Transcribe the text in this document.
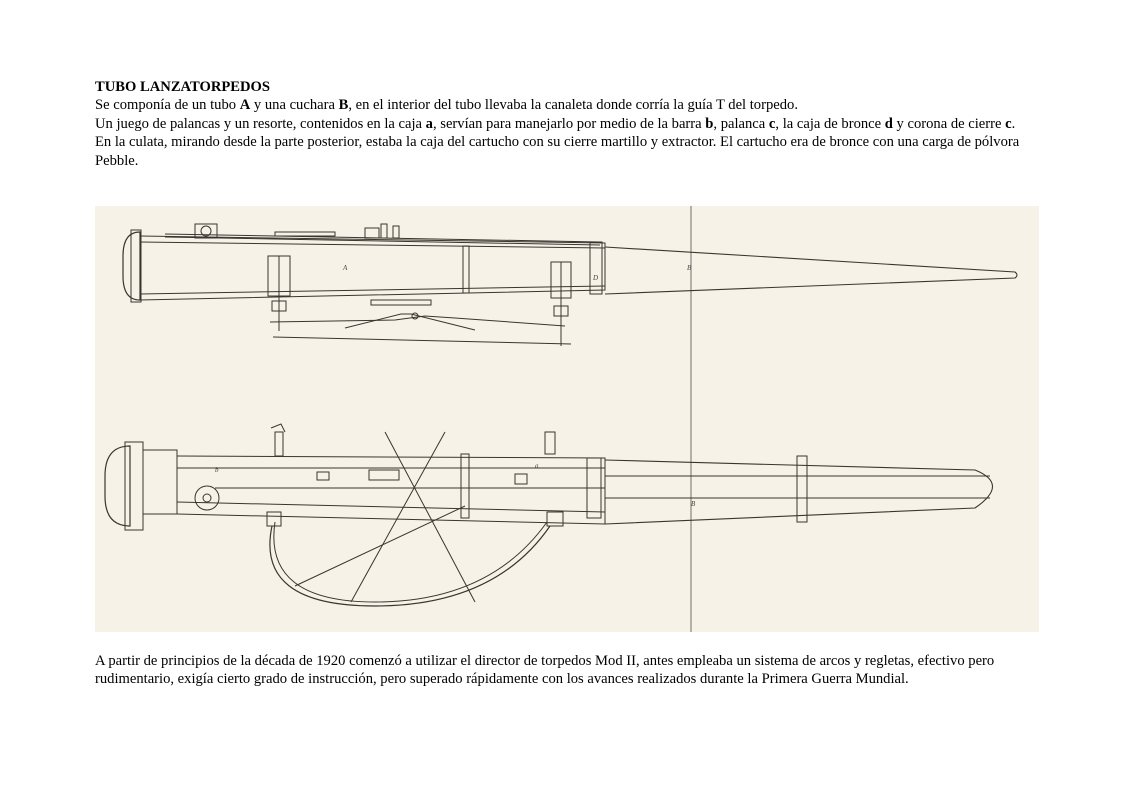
TUBO LANZATORPEDOS

Se componía de un tubo A y una cuchara B, en el interior del tubo llevaba la canaleta donde corría la guía T del torpedo.

Un juego de palancas y un resorte, contenidos en la caja a, servían para manejarlo por medio de la barra b, palanca c, la caja de bronce d y corona de cierre c.

En la culata, mirando desde la parte posterior, estaba la caja del cartucho con su cierre martillo y extractor. El cartucho era de bronce con una carga de pólvora Pebble.

A	B
D
B
b	a

A partir de principios de la década de 1920 comenzó a utilizar el director de torpedos Mod II, antes empleaba un sistema de arcos y regletas, efectivo pero rudimentario, exigía cierto grado de instrucción, pero superado rápidamente con los avances realizados durante la Primera Guerra Mundial.
